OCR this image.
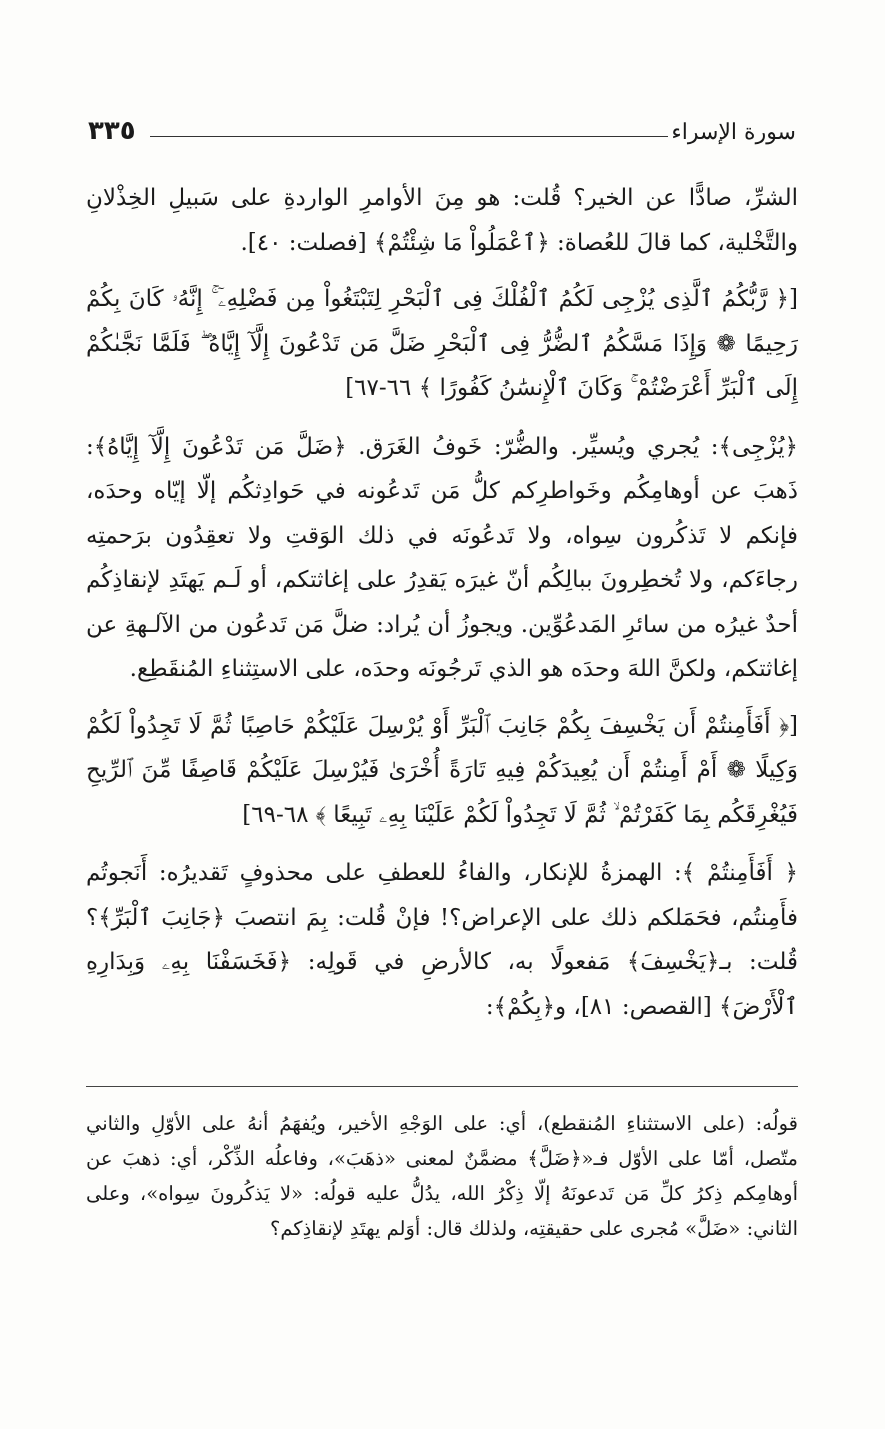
٣٣٥	سورة الإسراء

الشرِّ، صادًّا عن الخير؟ قُلت: هو مِنَ الأوامرِ الواردةِ على سَبيلِ الخِذْلانِ والتَّخْلية، كما قالَ للعُصاة: ﴿ٱعْمَلُواْ مَا شِئْتُمْ﴾ [فصلت: ٤٠].

[﴿ رَّبُّكُمُ ٱلَّذِى يُزْجِى لَكُمُ ٱلْفُلْكَ فِى ٱلْبَحْرِ لِتَبْتَغُواْ مِن فَضْلِهِۦٓ ۚ إِنَّهُۥ كَانَ بِكُمْ رَحِيمًا ❁ وَإِذَا مَسَّكُمُ ٱلضُّرُّ فِى ٱلْبَحْرِ ضَلَّ مَن تَدْعُونَ إِلَّآ إِيَّاهُ ۖ فَلَمَّا نَجَّىٰكُمْ إِلَى ٱلْبَرِّ أَعْرَضْتُمْ ۚ وَكَانَ ٱلْإِنسَٰنُ كَفُورًا ﴾ ٦٦-٦٧]

﴿يُزْجِى﴾: يُجري ويُسيِّر. والضُّرّ: خَوفُ الغَرَق. ﴿ضَلَّ مَن تَدْعُونَ إِلَّآ إِيَّاهُ﴾: ذَهبَ عن أوهامِكُم وخَواطرِكم كلُّ مَن تَدعُونه في حَوادِثكُم إلّا إيّاه وحدَه، فإنكم لا تَذكُرون سِواه، ولا تَدعُونَه في ذلك الوَقتِ ولا تعقِدُون برَحمتِه رجاءَكم، ولا تُخطِرونَ ببالِكُم أنّ غيرَه يَقدِرُ على إغاثتكم، أو لَـم يَهتَدِ لإنقاذِكُم أحدٌ غيرُه من سائرِ المَدعُوِّين. ويجوزُ أن يُراد: ضلَّ مَن تَدعُون من الآلـهةِ عن إغاثتكم، ولكنَّ اللهَ وحدَه هو الذي تَرجُونَه وحدَه، على الاستِثناءِ المُنقَطِع.

[﴿ أَفَأَمِنتُمْ أَن يَخْسِفَ بِكُمْ جَانِبَ ٱلْبَرِّ أَوْ يُرْسِلَ عَلَيْكُمْ حَاصِبًا ثُمَّ لَا تَجِدُواْ لَكُمْ وَكِيلًا ❁ أَمْ أَمِنتُمْ أَن يُعِيدَكُمْ فِيهِ تَارَةً أُخْرَىٰ فَيُرْسِلَ عَلَيْكُمْ قَاصِفًا مِّنَ ٱلرِّيحِ فَيُغْرِقَكُم بِمَا كَفَرْتُمْ ۙ ثُمَّ لَا تَجِدُواْ لَكُمْ عَلَيْنَا بِهِۦ تَبِيعًا ﴾ ٦٨-٦٩]

﴿ أَفَأَمِنتُمْ ﴾: الهمزةُ للإنكار، والفاءُ للعطفِ على محذوفٍ تَقديرُه: أَنَجوتُم فأَمِنتُم، فحَمَلكم ذلك على الإعراض؟! فإنْ قُلت: بِمَ انتصبَ ﴿جَانِبَ ٱلْبَرِّ﴾؟ قُلت: بـ﴿يَخْسِفَ﴾ مَفعولًا به، كالأرضِ في قَولِه: ﴿فَخَسَفْنَا بِهِۦ وَبِدَارِهِ ٱلْأَرْضَ﴾ [القصص: ٨١]، و﴿بِكُمْ﴾:

قولُه: (على الاستثناءِ المُنقطع)، أي: على الوَجْهِ الأخير، ويُفهَمُ أنهُ على الأوّلِ والثاني متّصل، أمّا على الأوّل فـ«﴿ضَلَّ﴾ مضمَّنٌ لمعنى «ذهَبَ»، وفاعلُه الذِّكْر، أي: ذهبَ عن أوهامِكم ذِكرُ كلِّ مَن تَدعونَهُ إلّا ذِكْرُ الله، يدُلُّ عليه قولُه: «لا يَذكُرونَ سِواه»، وعلى الثاني: «ضَلَّ» مُجرى على حقيقتِه، ولذلك قال: أوَلم يهتَدِ لإنقاذِكم؟
